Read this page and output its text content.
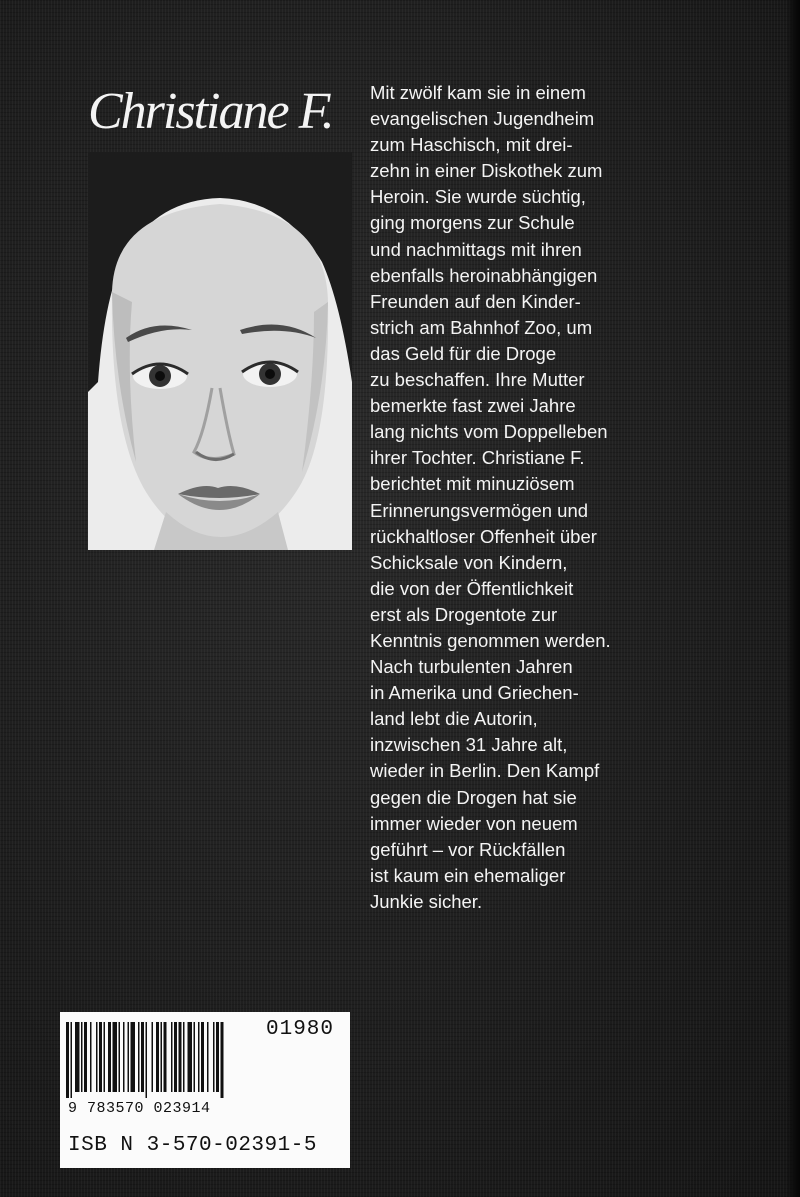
Christiane F. Mit zwölf kam sie in einem
evangelischen Jugendheim
zum Haschisch, mit drei-
zehn in einer Diskothek zum
Heroin. Sie wurde süchtig,
ging morgens zur Schule
und nachmittags mit ihren
ebenfalls heroinabhängigen
Freunden auf den Kinder-
strich am Bahnhof Zoo, um
das Geld für die Droge
zu beschaffen. Ihre Mutter
bemerkte fast zwei Jahre
lang nichts vom Doppelleben
ihrer Tochter. Christiane F.
berichtet mit minuziösem
Erinnerungsvermögen und
rückhaltloser Offenheit über
Schicksale von Kindern,
die von der Öffentlichkeit
erst als Drogentote zur
Kenntnis genommen werden.
Nach turbulenten Jahren
in Amerika und Griechen-
land lebt die Autorin,
inzwischen 31 Jahre alt,
wieder in Berlin. Den Kampf
gegen die Drogen hat sie
immer wieder von neuem
geführt – vor Rückfällen
ist kaum ein ehemaliger
Junkie sicher.

01980
9 783570 023914
ISB N 3-570-02391-5
